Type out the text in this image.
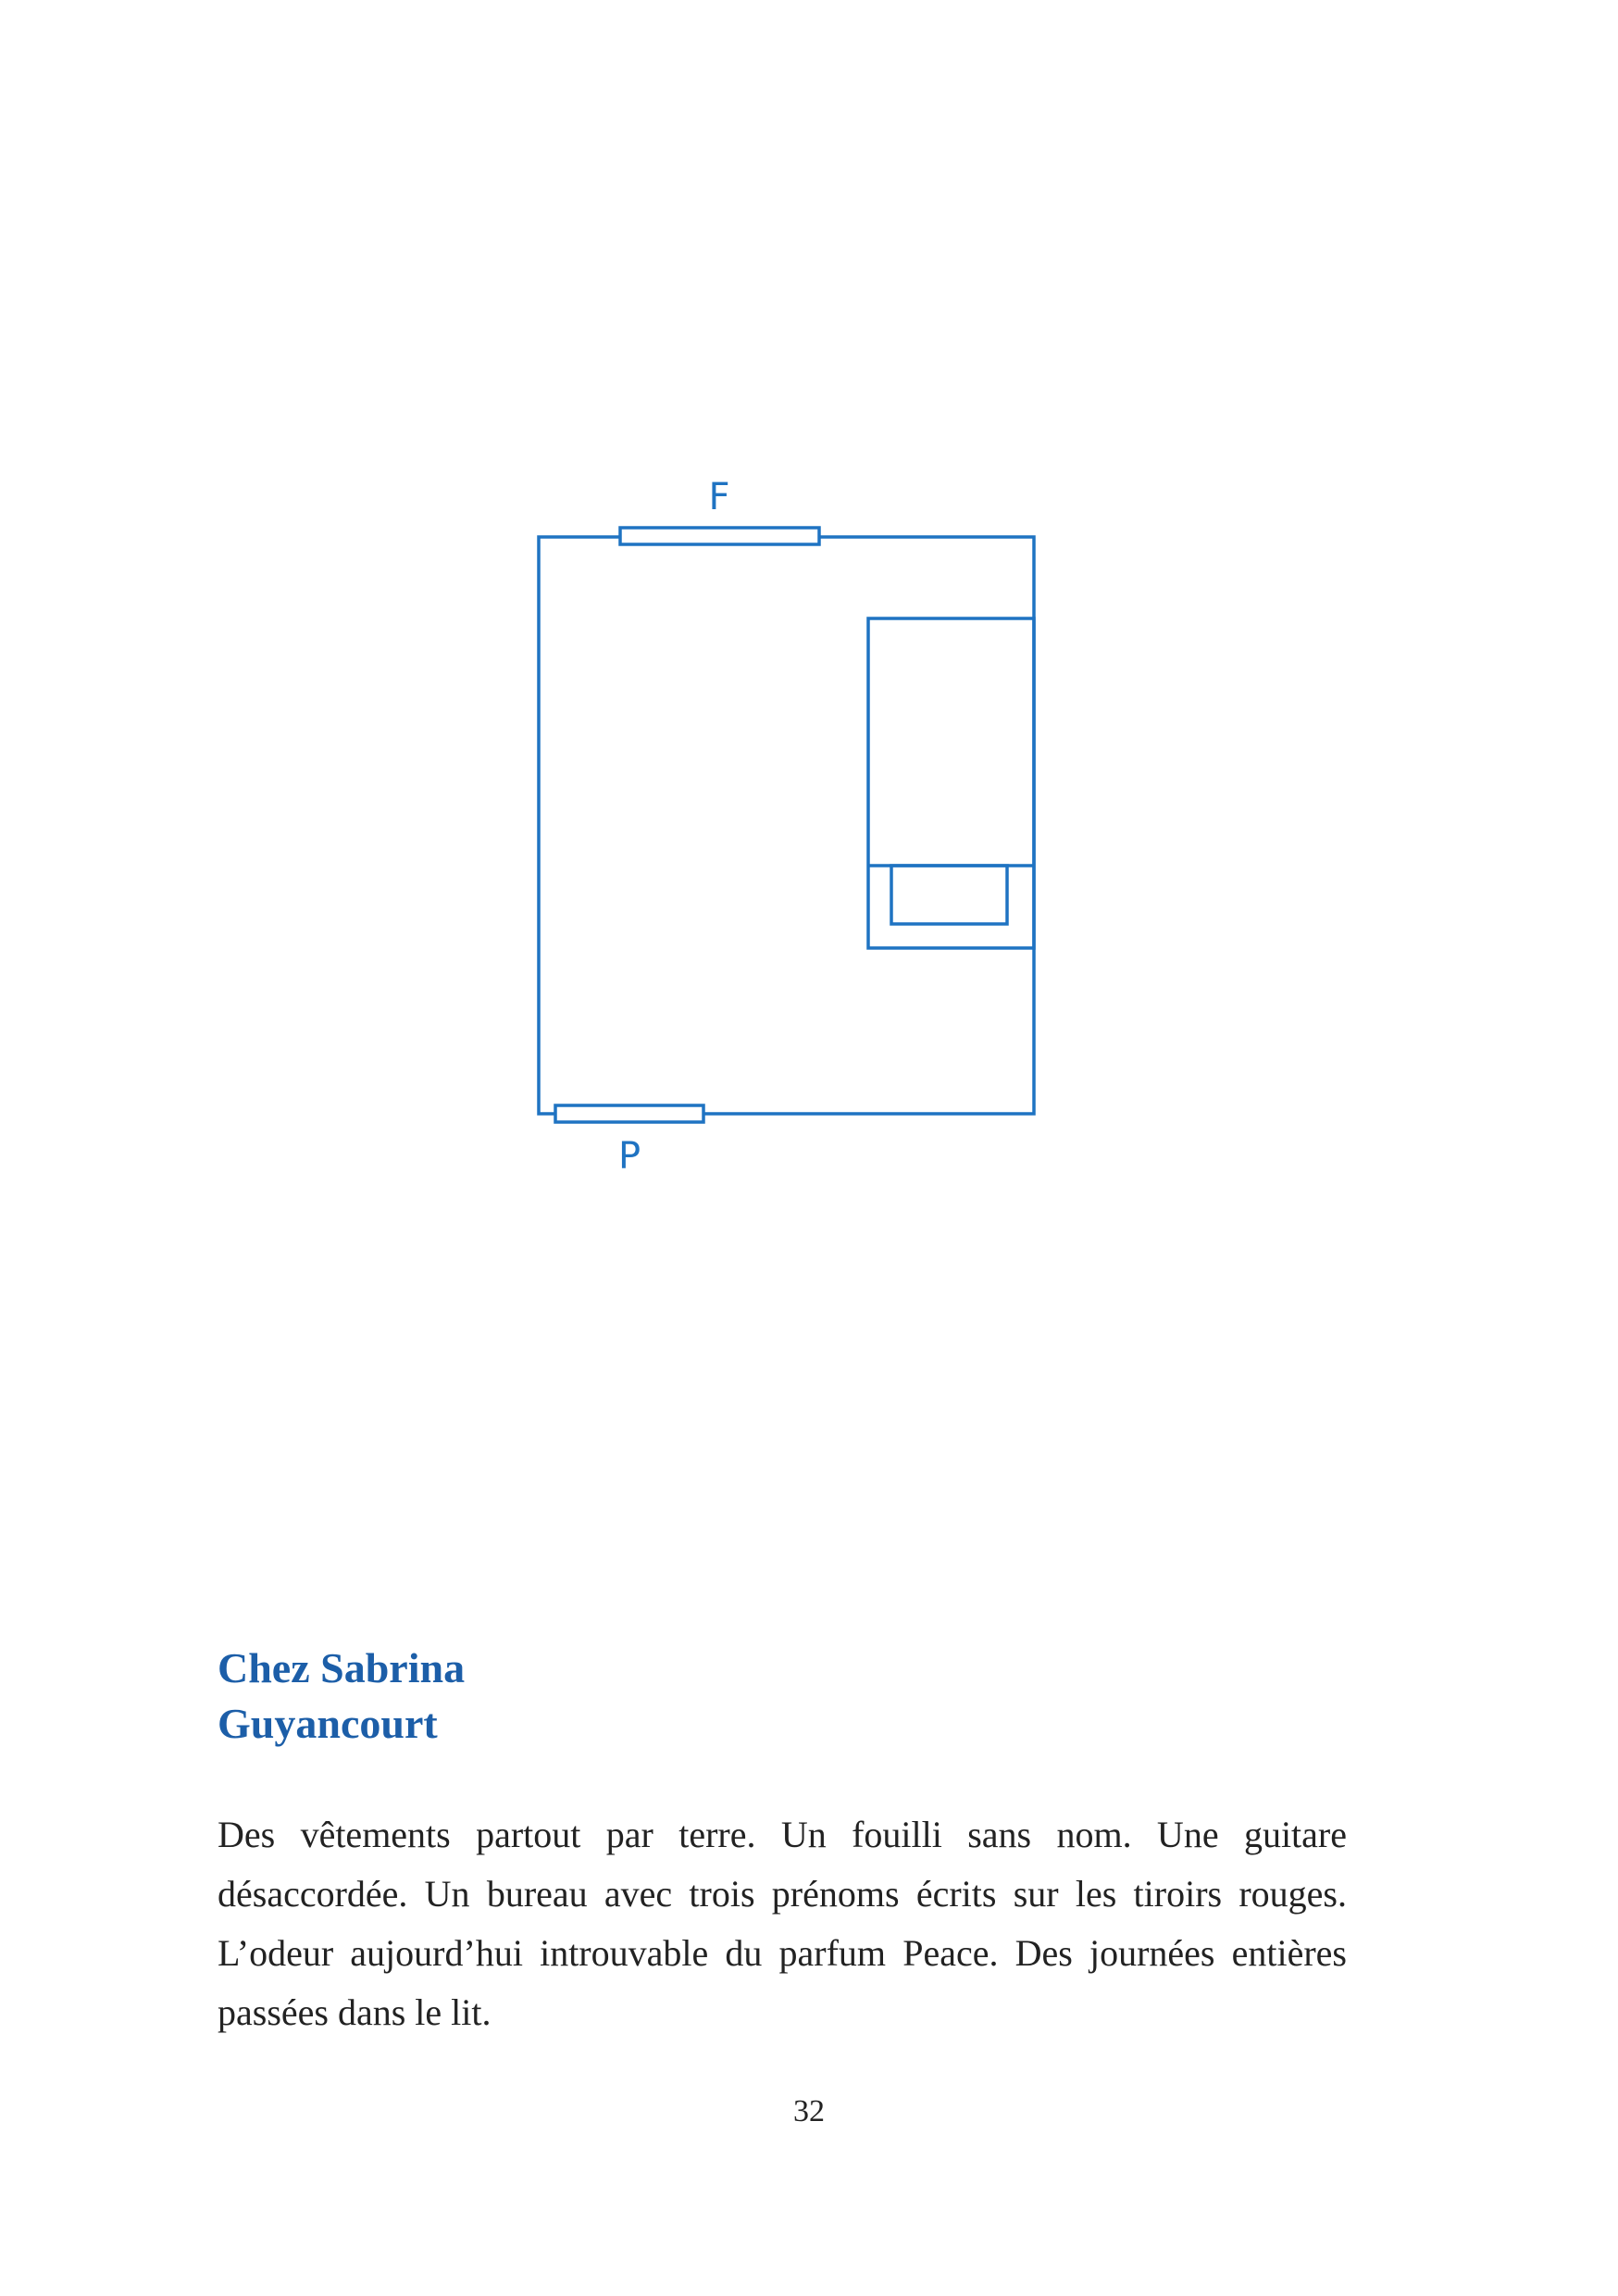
F
P
Chez Sabrina
Guyancourt
Des vêtements partout par terre. Un fouilli sans nom. Une guitare désaccordée. Un bureau avec trois prénoms écrits sur les tiroirs rouges. L’odeur aujourd’hui introuvable du parfum Peace. Des journées entières passées dans le lit.
32
